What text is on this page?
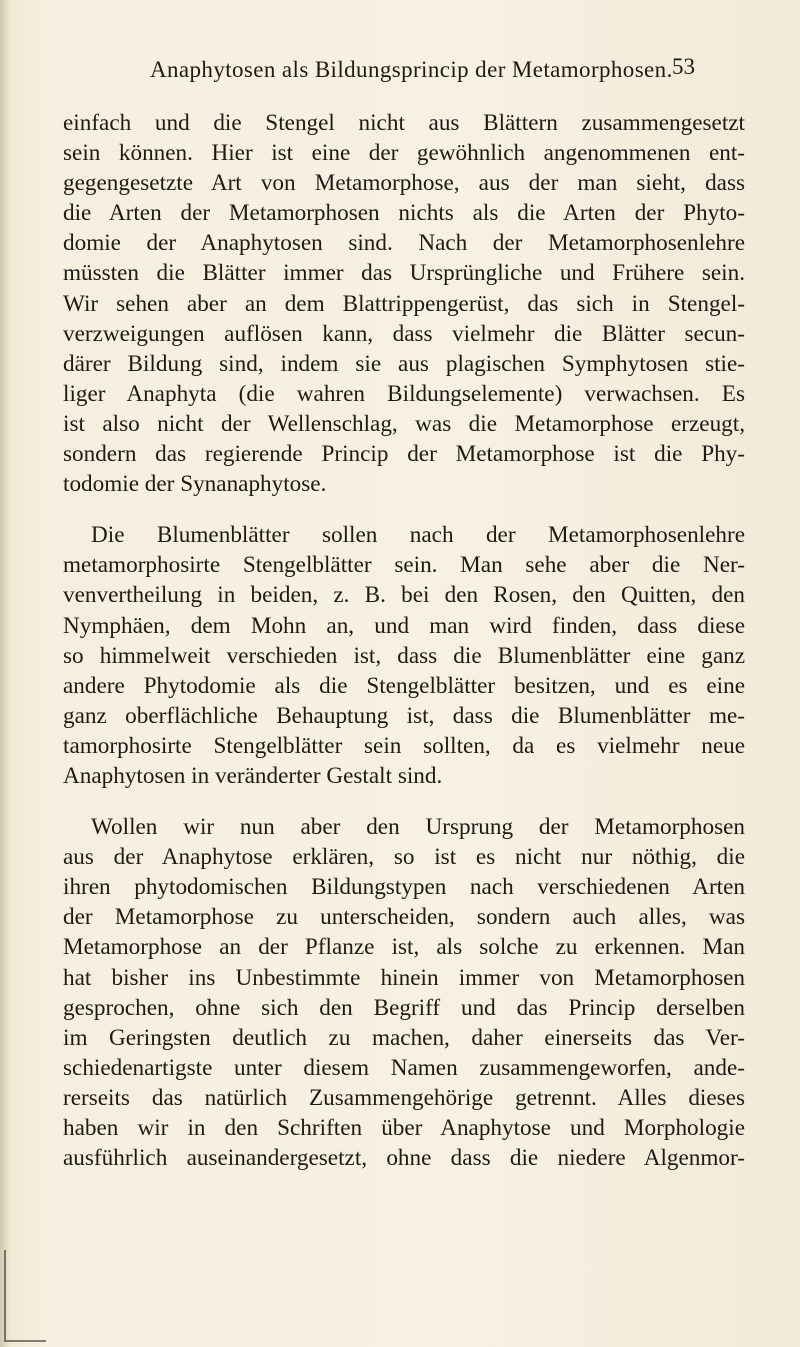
Anaphytosen als Bildungsprincip der Metamorphosen. 53
einfach und die Stengel nicht aus Blättern zusammengesetzt
sein können. Hier ist eine der gewöhnlich angenommenen ent-
gegengesetzte Art von Metamorphose, aus der man sieht, dass
die Arten der Metamorphosen nichts als die Arten der Phyto-
domie der Anaphytosen sind. Nach der Metamorphosenlehre
müssten die Blätter immer das Ursprüngliche und Frühere sein.
Wir sehen aber an dem Blattrippengerüst, das sich in Stengel-
verzweigungen auflösen kann, dass vielmehr die Blätter secun-
därer Bildung sind, indem sie aus plagischen Symphytosen stie-
liger Anaphyta (die wahren Bildungselemente) verwachsen. Es
ist also nicht der Wellenschlag, was die Metamorphose erzeugt,
sondern das regierende Princip der Metamorphose ist die Phy-
todomie der Synanaphytose.
Die Blumenblätter sollen nach der Metamorphosenlehre
metamorphosirte Stengelblätter sein. Man sehe aber die Ner-
venvertheilung in beiden, z. B. bei den Rosen, den Quitten, den
Nymphäen, dem Mohn an, und man wird finden, dass diese
so himmelweit verschieden ist, dass die Blumenblätter eine ganz
andere Phytodomie als die Stengelblätter besitzen, und es eine
ganz oberflächliche Behauptung ist, dass die Blumenblätter me-
tamorphosirte Stengelblätter sein sollten, da es vielmehr neue
Anaphytosen in veränderter Gestalt sind.
Wollen wir nun aber den Ursprung der Metamorphosen
aus der Anaphytose erklären, so ist es nicht nur nöthig, die
ihren phytodomischen Bildungstypen nach verschiedenen Arten
der Metamorphose zu unterscheiden, sondern auch alles, was
Metamorphose an der Pflanze ist, als solche zu erkennen. Man
hat bisher ins Unbestimmte hinein immer von Metamorphosen
gesprochen, ohne sich den Begriff und das Princip derselben
im Geringsten deutlich zu machen, daher einerseits das Ver-
schiedenartigste unter diesem Namen zusammengeworfen, ande-
rerseits das natürlich Zusammengehörige getrennt. Alles dieses
haben wir in den Schriften über Anaphytose und Morphologie
ausführlich auseinandergesetzt, ohne dass die niedere Algenmor-
